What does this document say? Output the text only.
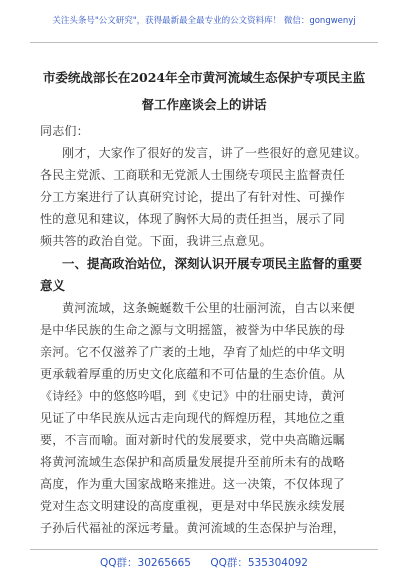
关注头条号"公文研究"，获得最新最全最专业的公文资料库！ 微信：gongwenyj
市委统战部长在2024年全市黄河流域生态保护专项民主监
督工作座谈会上的讲话
同志们：
刚才，大家作了很好的发言，讲了一些很好的意见建议。
各民主党派、工商联和无党派人士围绕专项民主监督责任
分工方案进行了认真研究讨论，提出了有针对性、可操作
性的意见和建议，体现了胸怀大局的责任担当，展示了同
频共答的政治自觉。下面，我讲三点意见。
一、提高政治站位，深刻认识开展专项民主监督的重要
意义
黄河流域，这条蜿蜒数千公里的壮丽河流，自古以来便
是中华民族的生命之源与文明摇篮，被誉为中华民族的母
亲河。它不仅滋养了广袤的土地，孕育了灿烂的中华文明
更承载着厚重的历史文化底蕴和不可估量的生态价值。从
《诗经》中的悠悠吟唱，到《史记》中的壮丽史诗，黄河
见证了中华民族从远古走向现代的辉煌历程，其地位之重
要，不言而喻。面对新时代的发展要求，党中央高瞻远瞩
将黄河流域生态保护和高质量发展提升至前所未有的战略
高度，作为重大国家战略来推进。这一决策，不仅体现了
党对生态文明建设的高度重视，更是对中华民族永续发展
子孙后代福祉的深远考量。黄河流域的生态保护与治理，
QQ群：30265665 QQ群：535304092
